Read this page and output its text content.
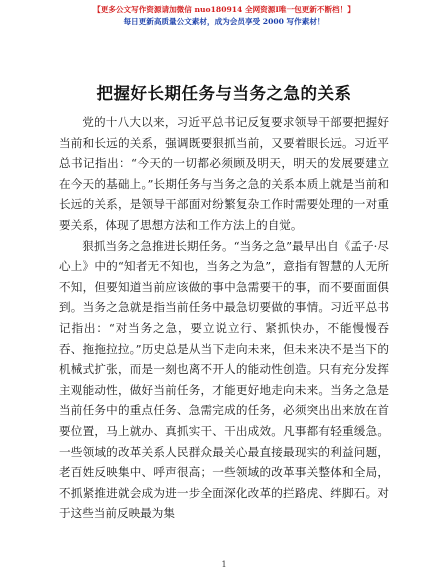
【更多公文写作资源请加微信 nuo180914 全网资源I唯一包更新不断档！】
每日更新高质量公文素材，成为会员享受 2000 写作素材！
把握好长期任务与当务之急的关系

党的十八大以来，习近平总书记反复要求领导干部要把握好当前和长远的关系，强调既要狠抓当前，又要着眼长远。习近平总书记指出：“今天的一切都必须顾及明天，明天的发展要建立在今天的基础上。”长期任务与当务之急的关系本质上就是当前和长远的关系，是领导干部面对纷繁复杂工作时需要处理的一对重要关系，体现了思想方法和工作方法上的自觉。

狠抓当务之急推进长期任务。“当务之急”最早出自《孟子·尽心上》中的“知者无不知也，当务之为急”，意指有智慧的人无所不知，但要知道当前应该做的事中急需要干的事，而不要面面俱到。当务之急就是指当前任务中最急切要做的事情。习近平总书记指出：“对当务之急，要立说立行、紧抓快办，不能慢慢吞吞、拖拖拉拉。”历史总是从当下走向未来，但未来决不是当下的机械式扩张，而是一刻也离不开人的能动性创造。只有充分发挥主观能动性，做好当前任务，才能更好地走向未来。当务之急是当前任务中的重点任务、急需完成的任务，必须突出出来放在首要位置，马上就办、真抓实干、干出成效。凡事都有轻重缓急。一些领域的改革关系人民群众最关心最直接最现实的利益问题，老百姓反映集中、呼声很高；一些领域的改革事关整体和全局，不抓紧推进就会成为进一步全面深化改革的拦路虎、绊脚石。对于这些当前反映最为集

1
